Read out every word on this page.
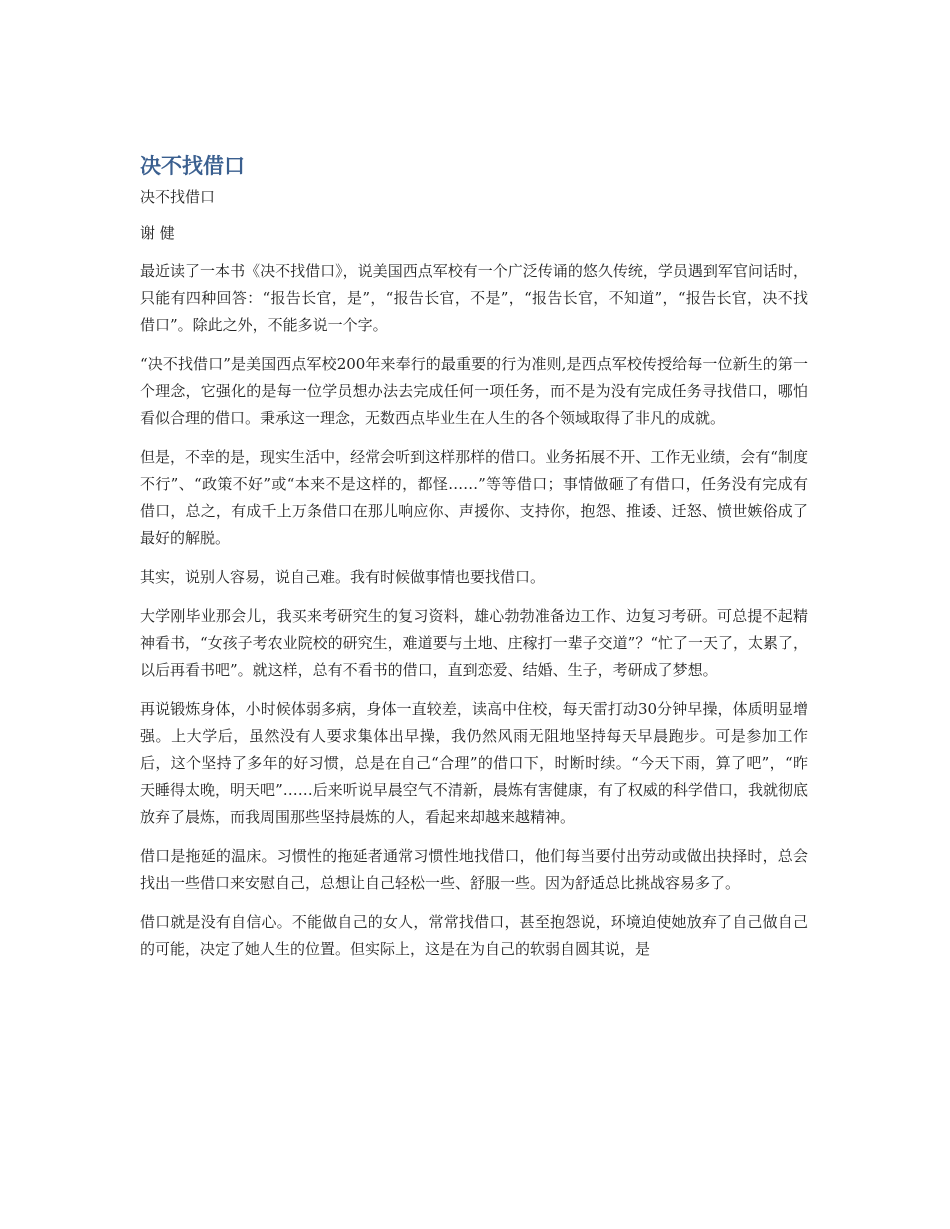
决不找借口

决不找借口

谢 健

最近读了一本书《决不找借口》，说美国西点军校有一个广泛传诵的悠久传统，学员遇到军官问话时，只能有四种回答：“报告长官，是”，“报告长官，不是”，“报告长官，不知道”，“报告长官，决不找借口”。除此之外，不能多说一个字。

“决不找借口”是美国西点军校200年来奉行的最重要的行为准则,是西点军校传授给每一位新生的第一个理念，它强化的是每一位学员想办法去完成任何一项任务，而不是为没有完成任务寻找借口，哪怕看似合理的借口。秉承这一理念，无数西点毕业生在人生的各个领域取得了非凡的成就。

但是，不幸的是，现实生活中，经常会听到这样那样的借口。业务拓展不开、工作无业绩，会有“制度不行”、“政策不好”或“本来不是这样的，都怪……”等等借口；事情做砸了有借口，任务没有完成有借口，总之，有成千上万条借口在那儿响应你、声援你、支持你，抱怨、推诿、迁怒、愤世嫉俗成了最好的解脱。

其实，说别人容易，说自己难。我有时候做事情也要找借口。

大学刚毕业那会儿，我买来考研究生的复习资料，雄心勃勃准备边工作、边复习考研。可总提不起精神看书，“女孩子考农业院校的研究生，难道要与土地、庄稼打一辈子交道”？“忙了一天了，太累了，以后再看书吧”。就这样，总有不看书的借口，直到恋爱、结婚、生子，考研成了梦想。

再说锻炼身体，小时候体弱多病，身体一直较差，读高中住校，每天雷打动30分钟早操，体质明显增强。上大学后，虽然没有人要求集体出早操，我仍然风雨无阻地坚持每天早晨跑步。可是参加工作后，这个坚持了多年的好习惯，总是在自己“合理”的借口下，时断时续。“今天下雨，算了吧”，“昨天睡得太晚，明天吧”……后来听说早晨空气不清新，晨炼有害健康，有了权威的科学借口，我就彻底放弃了晨炼，而我周围那些坚持晨炼的人，看起来却越来越精神。

借口是拖延的温床。习惯性的拖延者通常习惯性地找借口，他们每当要付出劳动或做出抉择时，总会找出一些借口来安慰自己，总想让自己轻松一些、舒服一些。因为舒适总比挑战容易多了。

借口就是没有自信心。不能做自己的女人，常常找借口，甚至抱怨说，环境迫使她放弃了自己做自己的可能，决定了她人生的位置。但实际上，这是在为自己的软弱自圆其说，是
